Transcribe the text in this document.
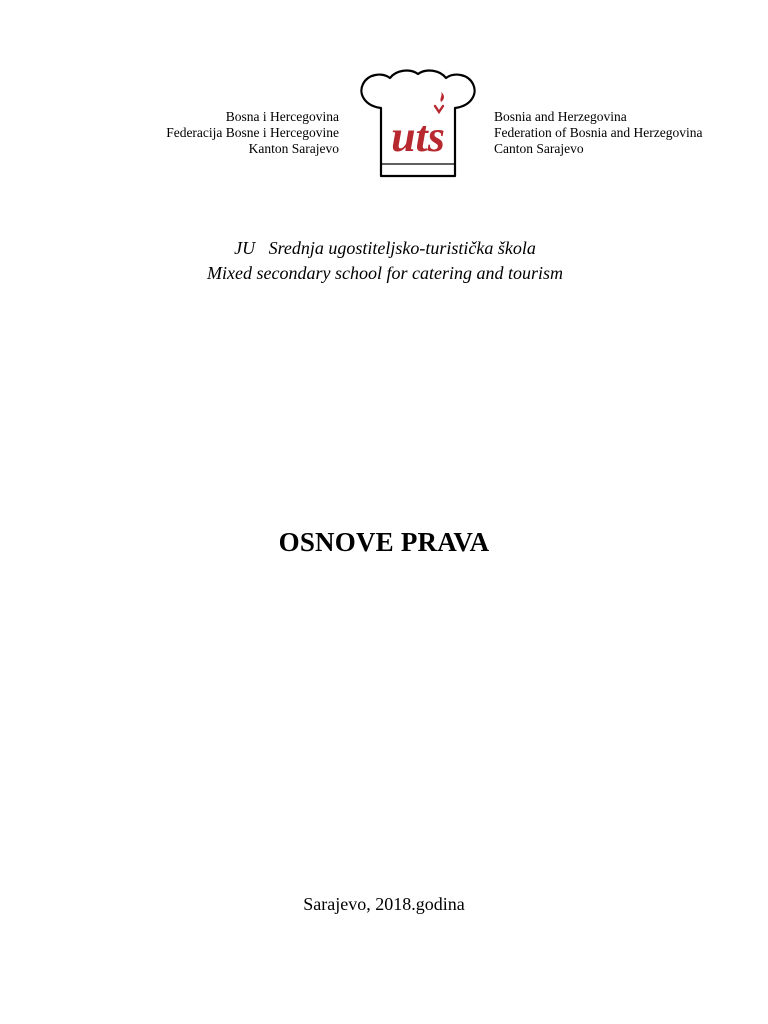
Bosna i Hercegovina
Federacija Bosne i Hercegovine
Kanton Sarajevo uts	Bosnia and Herzegovina
Federation of Bosnia and Herzegovina
Canton Sarajevo
JU   Srednja ugostiteljsko-turistička škola
Mixed secondary school for catering and tourism
OSNOVE PRAVA
Sarajevo, 2018.godina
